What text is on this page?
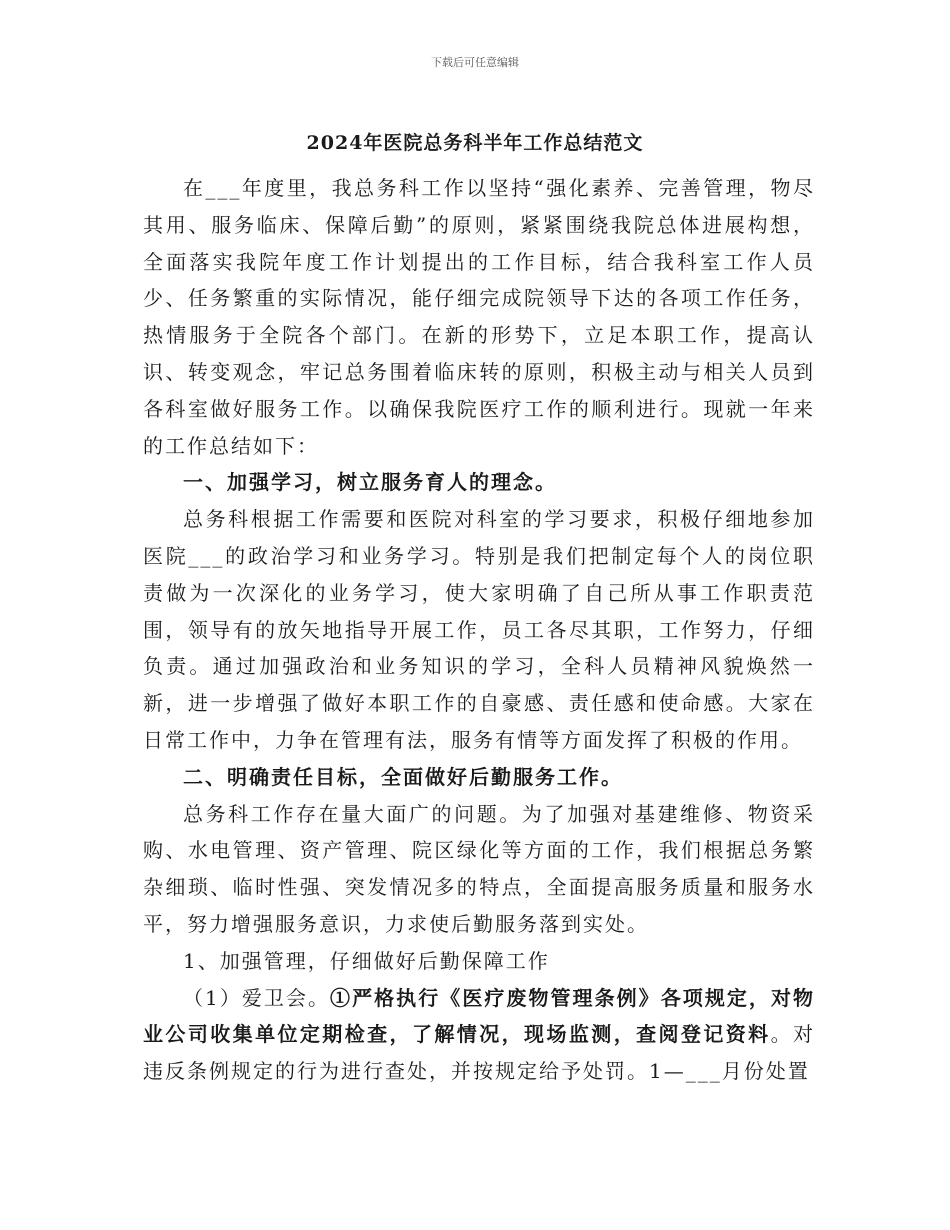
下载后可任意编辑
2024年医院总务科半年工作总结范文

在___年度里，我总务科工作以坚持“强化素养、完善管理，物尽其用、服务临床、保障后勤”的原则，紧紧围绕我院总体进展构想，全面落实我院年度工作计划提出的工作目标，结合我科室工作人员少、任务繁重的实际情况，能仔细完成院领导下达的各项工作任务，热情服务于全院各个部门。在新的形势下，立足本职工作，提高认识、转变观念，牢记总务围着临床转的原则，积极主动与相关人员到各科室做好服务工作。以确保我院医疗工作的顺利进行。现就一年来的工作总结如下：

一、加强学习，树立服务育人的理念。

总务科根据工作需要和医院对科室的学习要求，积极仔细地参加医院___的政治学习和业务学习。特别是我们把制定每个人的岗位职责做为一次深化的业务学习，使大家明确了自己所从事工作职责范围，领导有的放矢地指导开展工作，员工各尽其职，工作努力，仔细负责。通过加强政治和业务知识的学习，全科人员精神风貌焕然一新，进一步增强了做好本职工作的自豪感、责任感和使命感。大家在日常工作中，力争在管理有法，服务有情等方面发挥了积极的作用。

二、明确责任目标，全面做好后勤服务工作。

总务科工作存在量大面广的问题。为了加强对基建维修、物资采购、水电管理、资产管理、院区绿化等方面的工作，我们根据总务繁杂细琐、临时性强、突发情况多的特点，全面提高服务质量和服务水平，努力增强服务意识，力求使后勤服务落到实处。

1、加强管理，仔细做好后勤保障工作

（1）爱卫会。①严格执行《医疗废物管理条例》各项规定，对物业公司收集单位定期检查，了解情况，现场监测，查阅登记资料。对违反条例规定的行为进行查处，并按规定给予处罚。1—___月份处置
